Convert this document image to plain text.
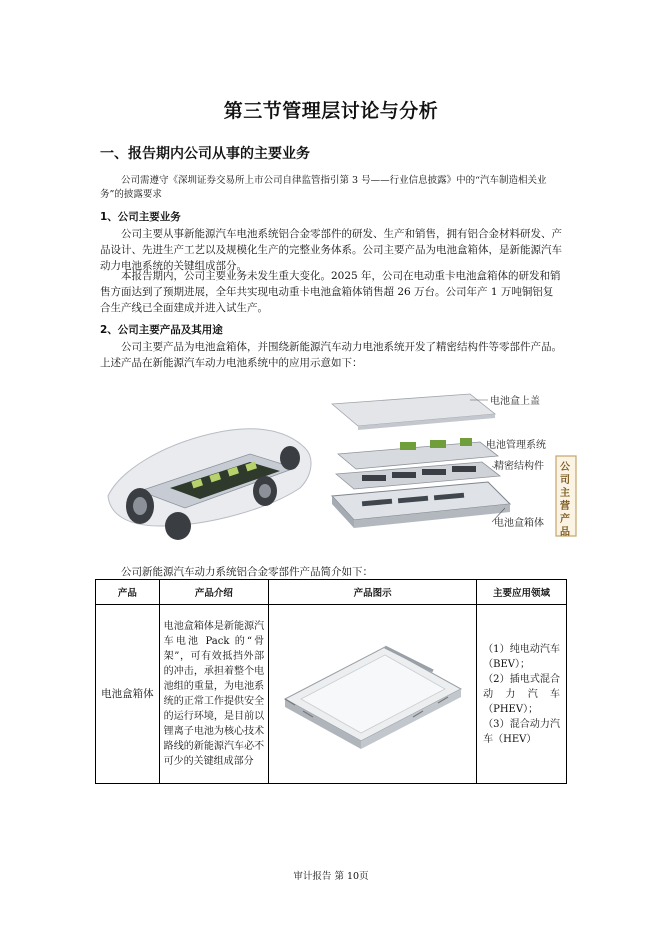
第三节管理层讨论与分析
一、报告期内公司从事的主要业务

公司需遵守《深圳证券交易所上市公司自律监管指引第 3 号——行业信息披露》中的“汽车制造相关业务”的披露要求

1、公司主要业务

公司主要从事新能源汽车电池系统铝合金零部件的研发、生产和销售，拥有铝合金材料研发、产品设计、先进生产工艺以及规模化生产的完整业务体系。公司主要产品为电池盒箱体，是新能源汽车动力电池系统的关键组成部分。

本报告期内，公司主要业务未发生重大变化。2025 年，公司在电动重卡电池盒箱体的研发和销售方面达到了预期进展，全年共实现电动重卡电池盒箱体销售超 26 万台。公司年产 1 万吨铜铝复合生产线已全面建成并进入试生产。

2、公司主要产品及其用途

公司主要产品为电池盒箱体，并围绕新能源汽车动力电池系统开发了精密结构件等零部件产品。上述产品在新能源汽车动力电池系统中的应用示意如下：

电池盒上盖
电池管理系统
精密结构件
电池盒箱体
公
司
主
营
产
品

公司新能源汽车动力系统铝合金零部件产品简介如下：

产品	产品介绍	产品图示	主要应用领域
电池盒箱体	电池盒箱体是新能源汽车电池 Pack 的“骨架”，可有效抵挡外部的冲击，承担着整个电池组的重量，为电池系统的正常工作提供安全的运行环境，是目前以锂离子电池为核心技术路线的新能源汽车必不可少的关键组成部分		（1）纯电动汽车（BEV）；
（2）插电式混合动力汽车（PHEV）；
（3）混合动力汽车（HEV）
审计报告 第 10页
